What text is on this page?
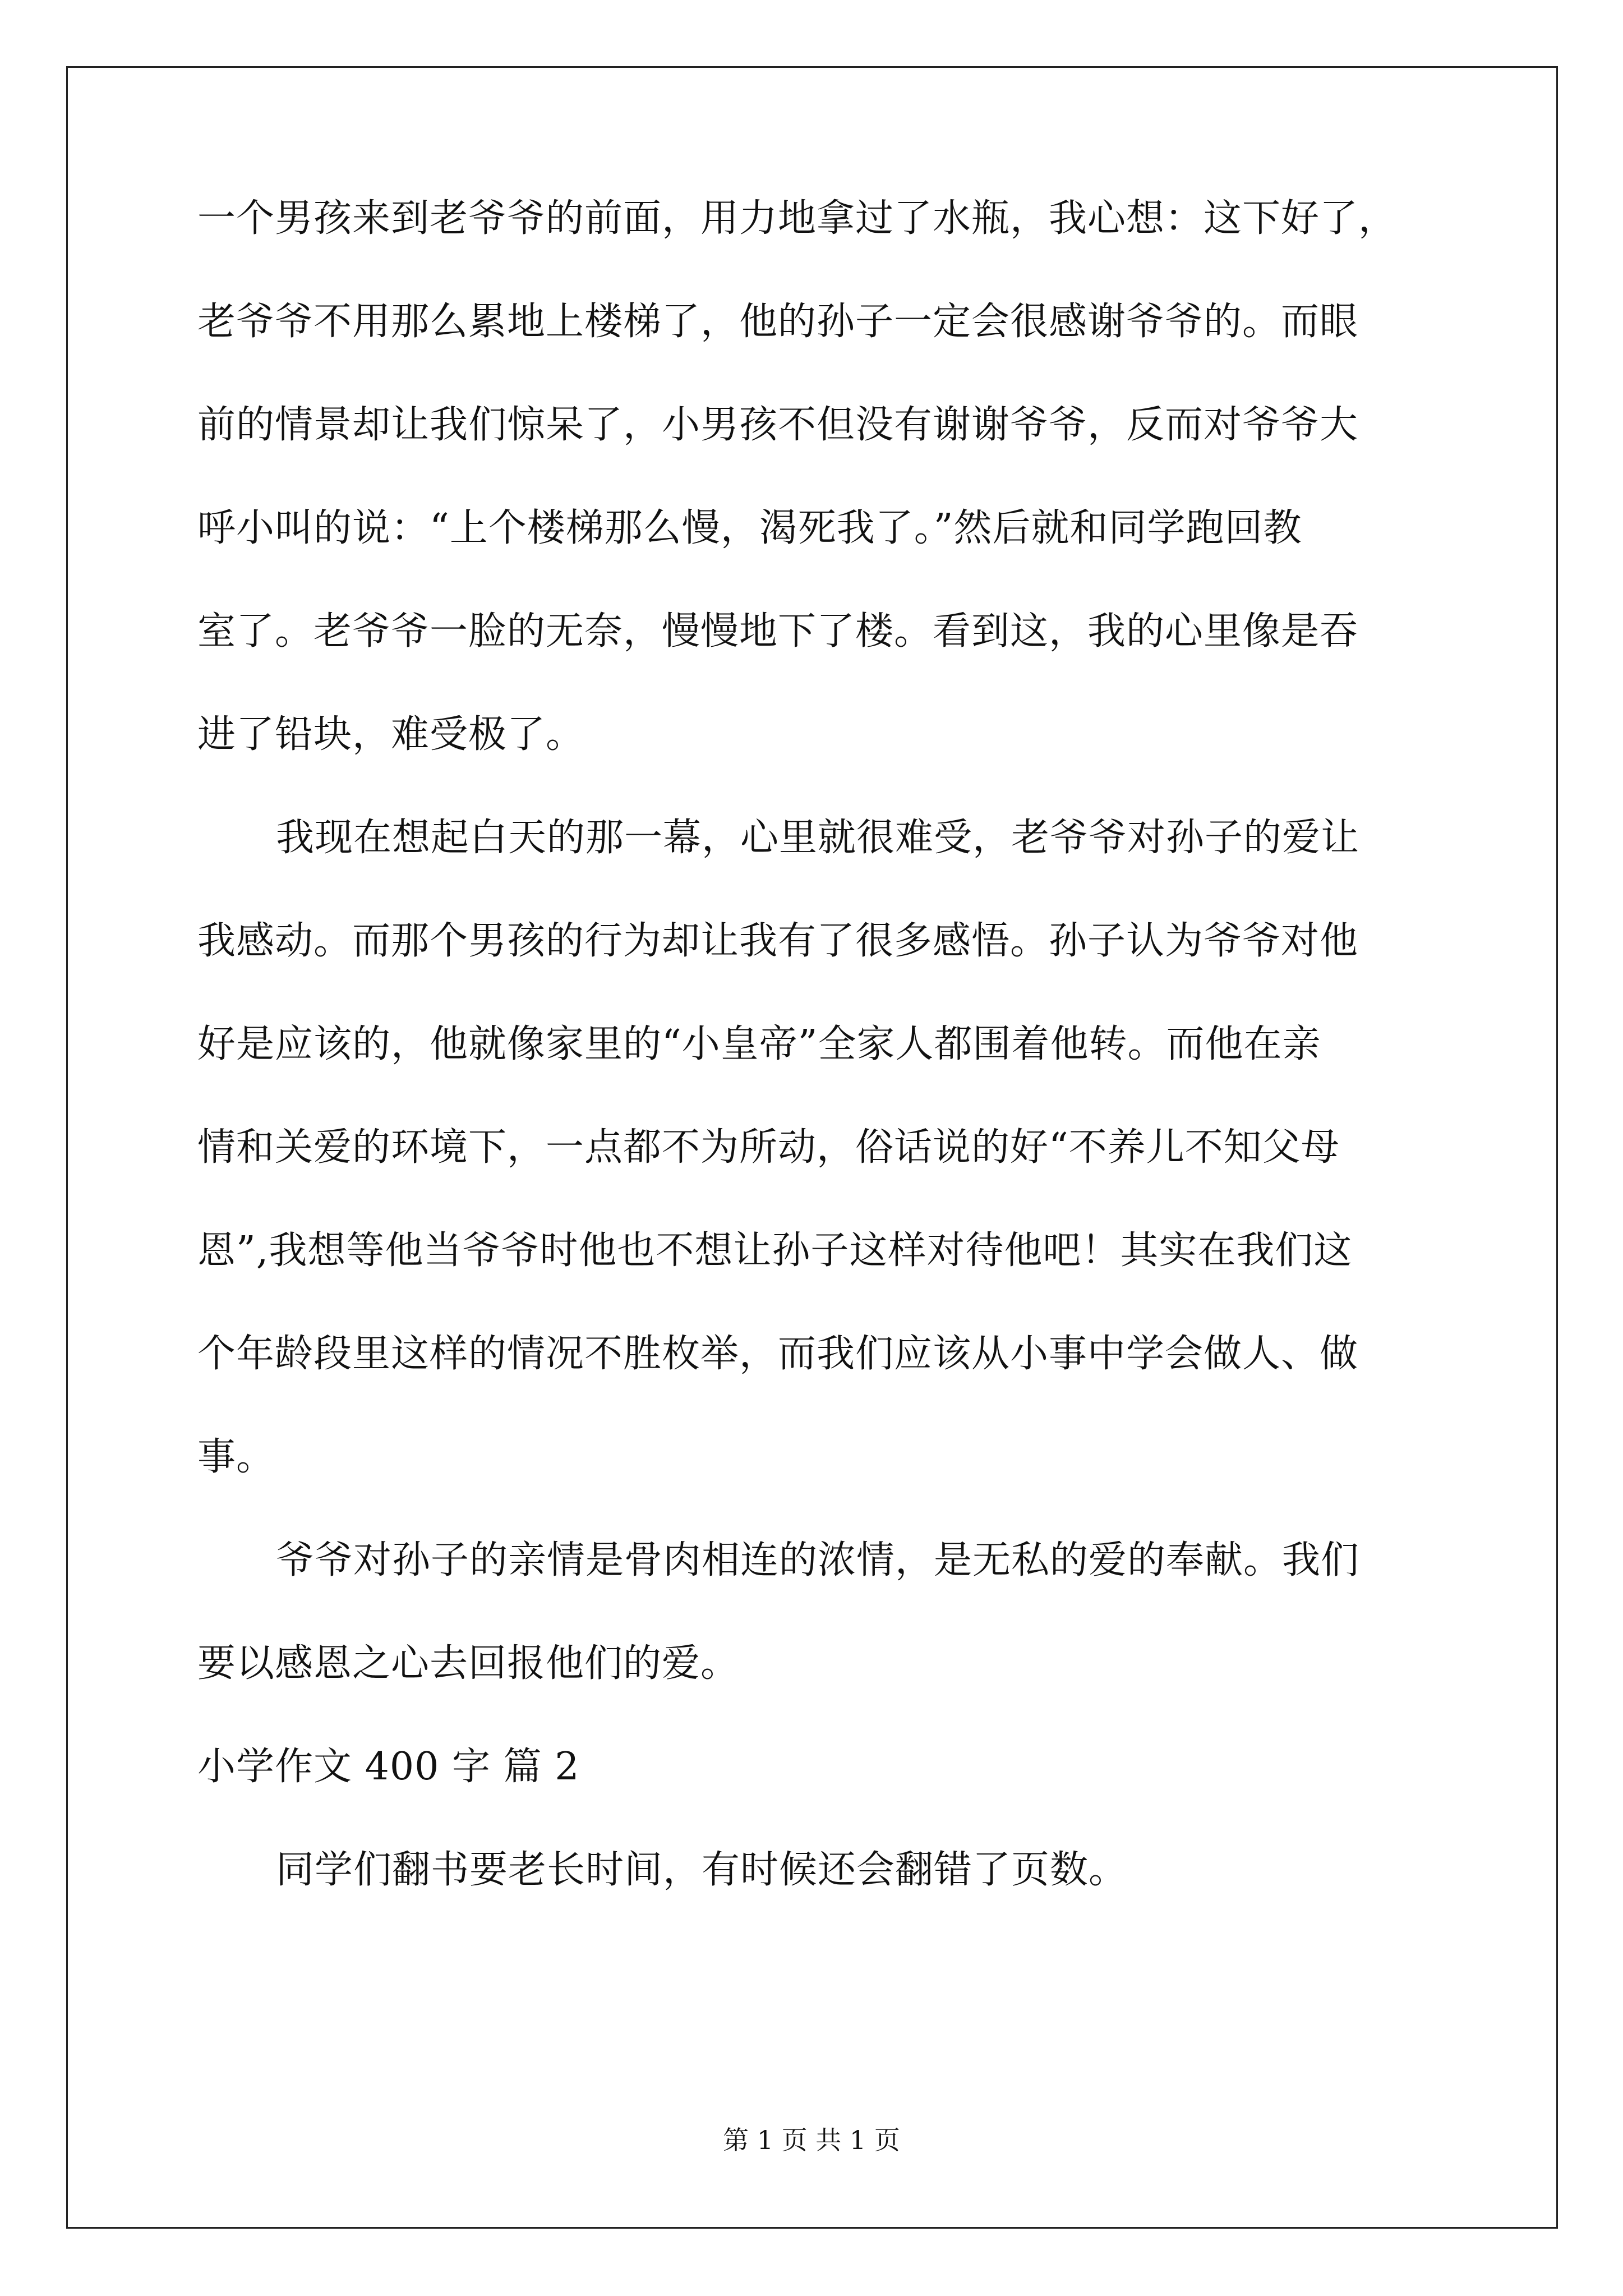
一个男孩来到老爷爷的前面，用力地拿过了水瓶，我心想：这下好了，
老爷爷不用那么累地上楼梯了，他的孙子一定会很感谢爷爷的。而眼
前的情景却让我们惊呆了，小男孩不但没有谢谢爷爷，反而对爷爷大
呼小叫的说：“上个楼梯那么慢，渴死我了。”然后就和同学跑回教
室了。老爷爷一脸的无奈，慢慢地下了楼。看到这，我的心里像是吞
进了铅块，难受极了。
我现在想起白天的那一幕，心里就很难受，老爷爷对孙子的爱让
我感动。而那个男孩的行为却让我有了很多感悟。孙子认为爷爷对他
好是应该的，他就像家里的“小皇帝”全家人都围着他转。而他在亲
情和关爱的环境下，一点都不为所动，俗话说的好“不养儿不知父母
恩”,我想等他当爷爷时他也不想让孙子这样对待他吧！其实在我们这
个年龄段里这样的情况不胜枚举，而我们应该从小事中学会做人、做
事。
爷爷对孙子的亲情是骨肉相连的浓情，是无私的爱的奉献。我们
要以感恩之心去回报他们的爱。
小学作文 400 字 篇 2
同学们翻书要老长时间，有时候还会翻错了页数。
第 1 页 共 1 页
